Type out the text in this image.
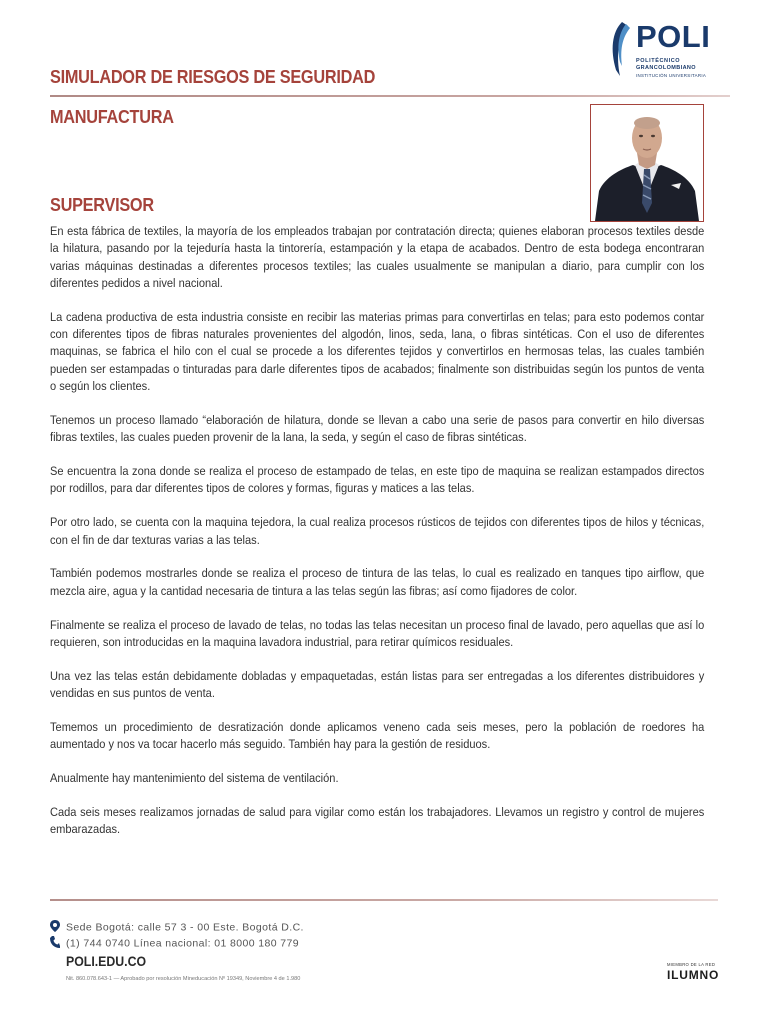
POLI
POLITÉCNICO
GRANCOLOMBIANO
INSTITUCIÓN UNIVERSITARIA
SIMULADOR DE RIESGOS DE SEGURIDAD
MANUFACTURA
SUPERVISOR

En esta fábrica de textiles, la mayoría de los empleados trabajan por contratación directa; quienes elaboran procesos textiles desde la hilatura, pasando por la tejeduría hasta la tintorería, estampación y la etapa de acabados. Dentro de esta bodega encontraran varias máquinas destinadas a diferentes procesos textiles; las cuales usualmente se manipulan a diario, para cumplir con los diferentes pedidos a nivel nacional.

La cadena productiva de esta industria consiste en recibir las materias primas para convertirlas en telas; para esto podemos contar con diferentes tipos de fibras naturales provenientes del algodón, linos, seda, lana, o fibras sintéticas. Con el uso de diferentes maquinas, se fabrica el hilo con el cual se procede a los diferentes tejidos y convertirlos en hermosas telas, las cuales también pueden ser estampadas o tinturadas para darle diferentes tipos de acabados; finalmente son distribuidas según los puntos de venta o según los clientes.

Tenemos un proceso llamado “elaboración de hilatura, donde se llevan a cabo una serie de pasos para convertir en hilo diversas fibras textiles, las cuales pueden provenir de la lana, la seda, y según el caso de fibras sintéticas.

Se encuentra la zona donde se realiza el proceso de estampado de telas, en este tipo de maquina se realizan estampados directos por rodillos, para dar diferentes tipos de colores y formas, figuras y matices a las telas.

Por otro lado, se cuenta con la maquina tejedora, la cual realiza procesos rústicos de tejidos con diferentes tipos de hilos y técnicas, con el fin de dar texturas varias a las telas.

También podemos mostrarles donde se realiza el proceso de tintura de las telas, lo cual es realizado en tanques tipo airflow, que mezcla aire, agua y la cantidad necesaria de tintura a las telas según las fibras; así como fijadores de color.

Finalmente se realiza el proceso de lavado de telas, no todas las telas necesitan un proceso final de lavado, pero aquellas que así lo requieren, son introducidas en la maquina lavadora industrial, para retirar químicos residuales.

Una vez las telas están debidamente dobladas y empaquetadas, están listas para ser entregadas a los diferentes distribuidores y vendidas en sus puntos de venta.

Tememos un procedimiento de desratización donde aplicamos veneno cada seis meses, pero la población de roedores ha aumentado y nos va tocar hacerlo más seguido. También hay para la gestión de residuos.

Anualmente hay mantenimiento del sistema de ventilación.

Cada seis meses realizamos jornadas de salud para vigilar como están los trabajadores. Llevamos un registro y control de mujeres embarazadas.

Sede Bogotá: calle 57 3 - 00 Este. Bogotá D.C.
(1) 744 0740 Línea nacional: 01 8000 180 779
POLI.EDU.CO
Nit. 860.078.643-1 — Aprobado por resolución Mineducación Nº 19349, Noviembre 4 de 1.980
MIEMBRO DE LA RED
ILUMNO
